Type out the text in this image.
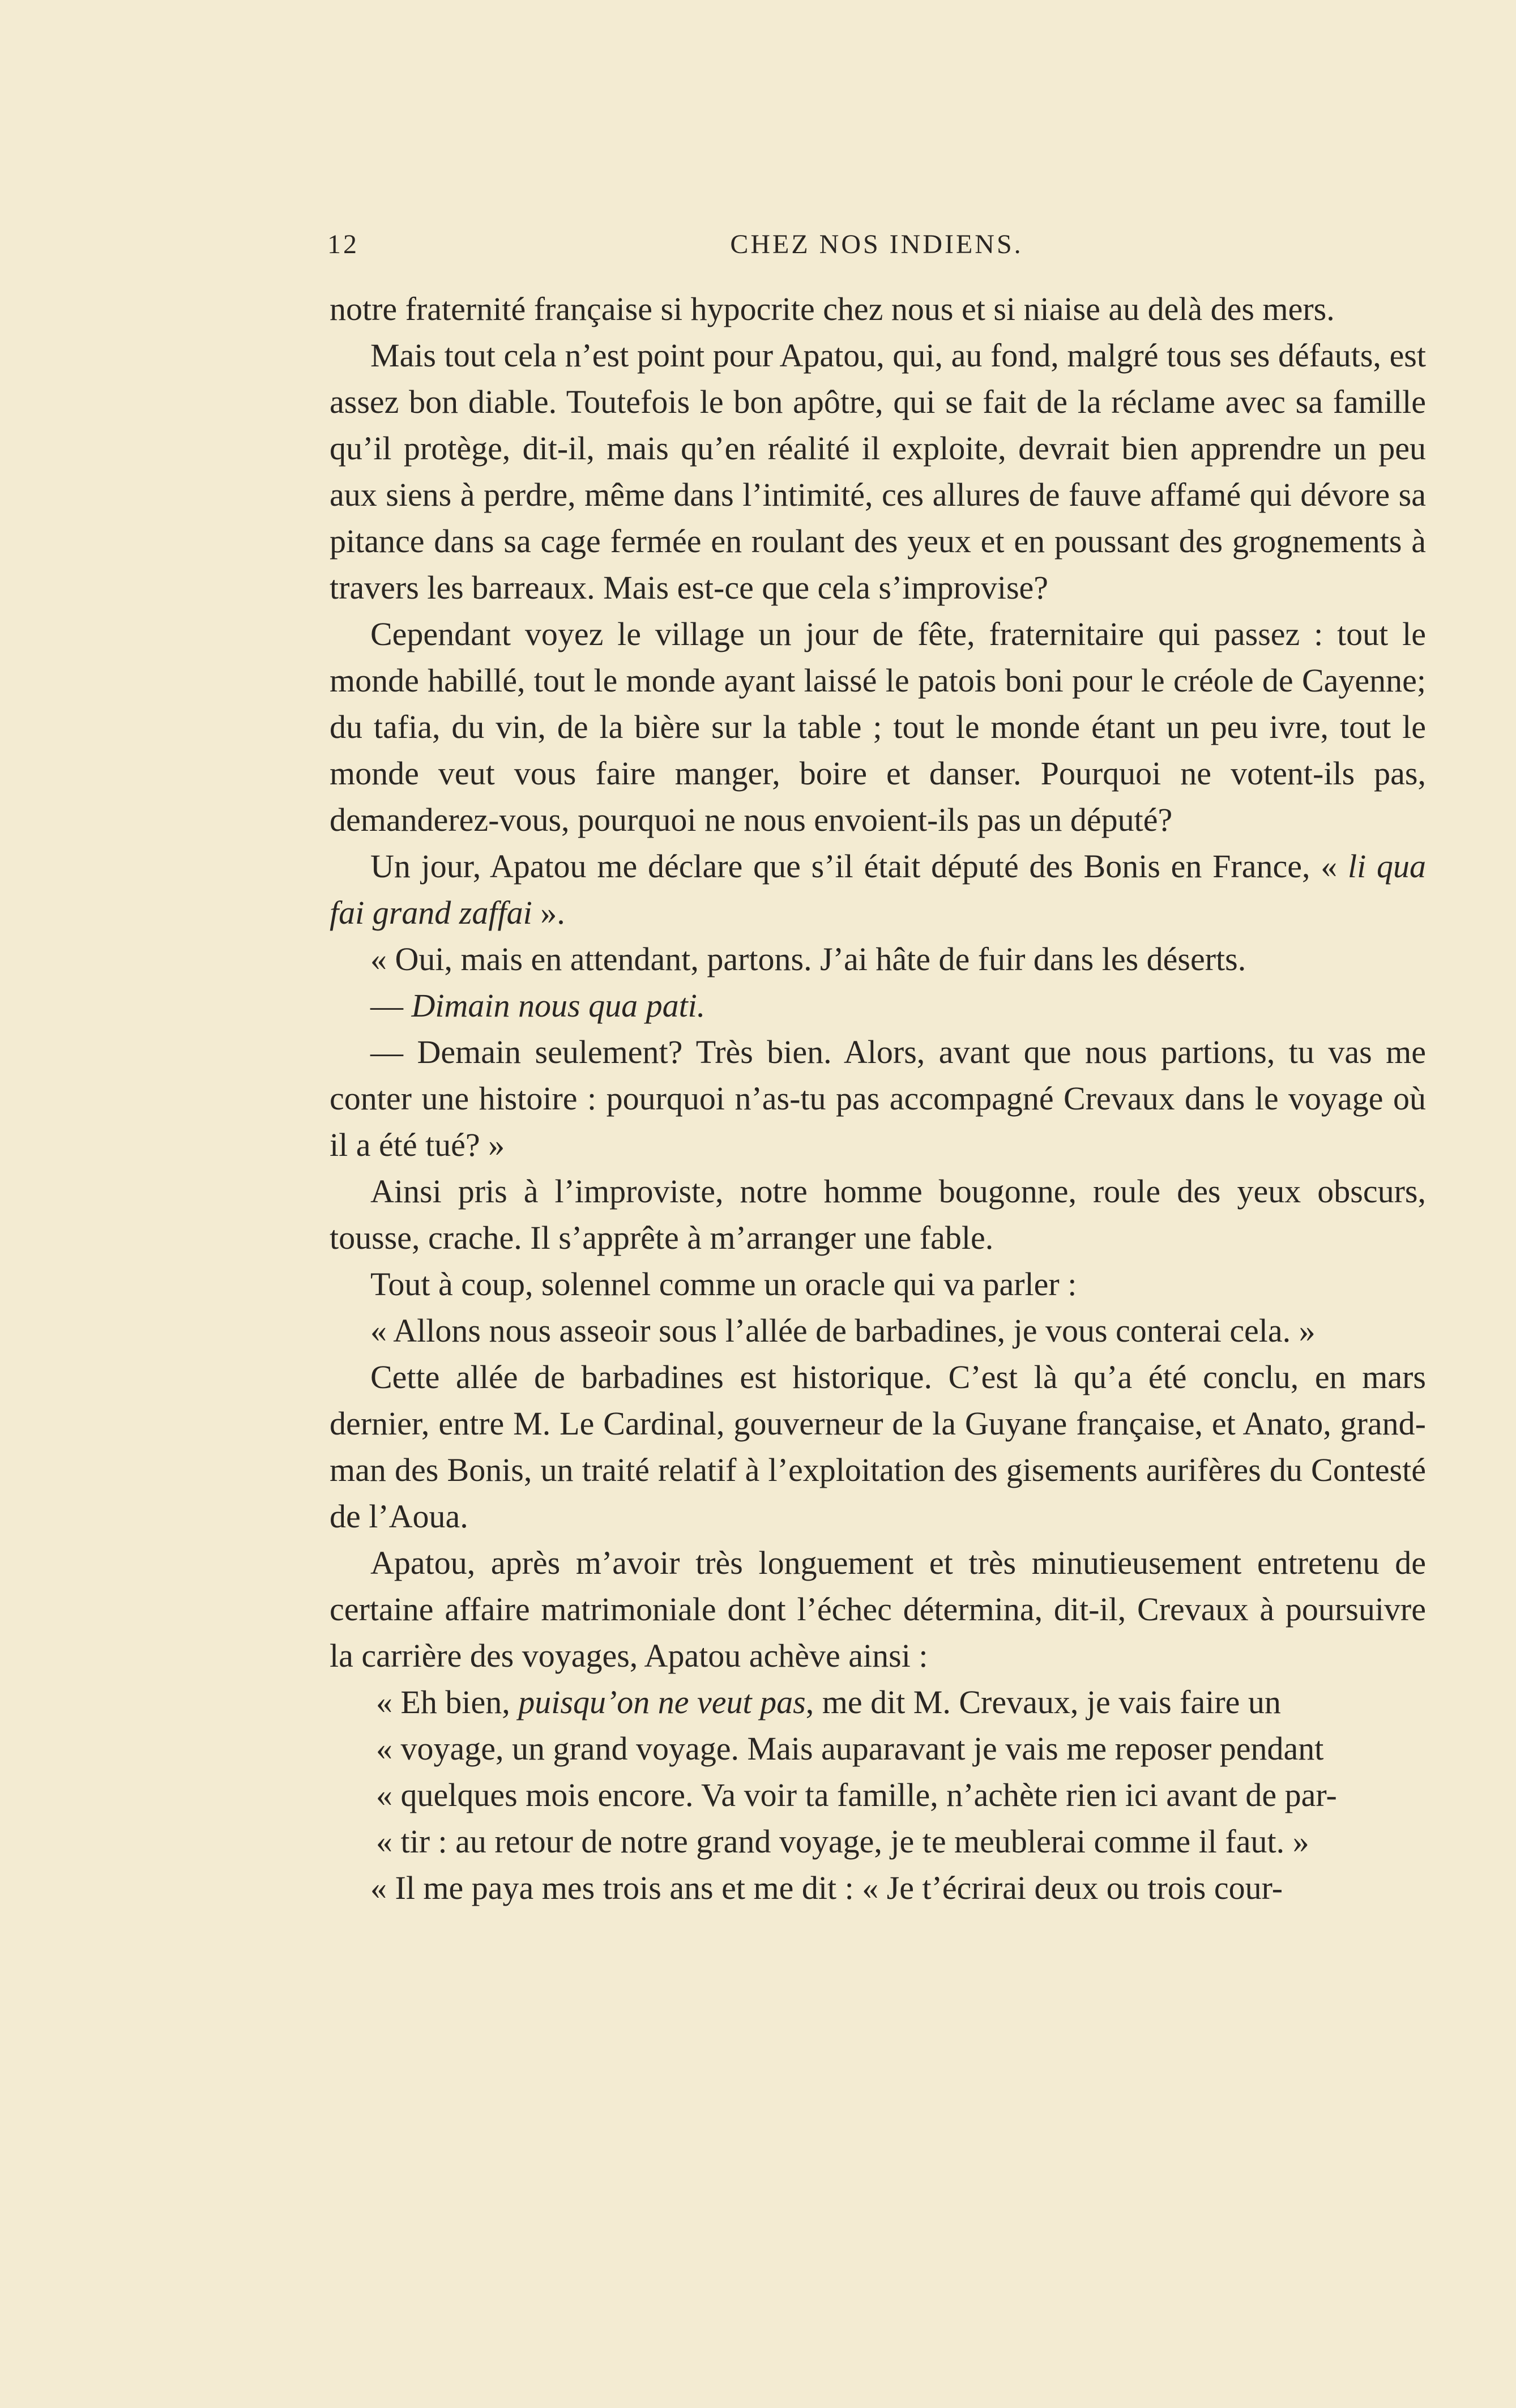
12	CHEZ NOS INDIENS.

notre fraternité française si hypocrite chez nous et si niaise au delà des mers.

Mais tout cela n’est point pour Apatou, qui, au fond, malgré tous ses défauts, est assez bon diable. Toutefois le bon apôtre, qui se fait de la réclame avec sa famille qu’il protège, dit-il, mais qu’en réalité il exploite, devrait bien apprendre un peu aux siens à perdre, même dans l’intimité, ces allures de fauve affamé qui dévore sa pitance dans sa cage fermée en roulant des yeux et en poussant des grognements à travers les barreaux. Mais est-ce que cela s’improvise?

Cependant voyez le village un jour de fête, fraternitaire qui passez : tout le monde habillé, tout le monde ayant laissé le patois boni pour le créole de Cayenne; du tafia, du vin, de la bière sur la table ; tout le monde étant un peu ivre, tout le monde veut vous faire manger, boire et danser. Pourquoi ne votent-ils pas, demanderez-vous, pourquoi ne nous envoient-ils pas un député?

Un jour, Apatou me déclare que s’il était député des Bonis en France, « li qua fai grand zaffai ».

« Oui, mais en attendant, partons. J’ai hâte de fuir dans les déserts.

— Dimain nous qua pati.

— Demain seulement? Très bien. Alors, avant que nous partions, tu vas me conter une histoire : pourquoi n’as-tu pas accompagné Crevaux dans le voyage où il a été tué? »

Ainsi pris à l’improviste, notre homme bougonne, roule des yeux obscurs, tousse, crache. Il s’apprête à m’arranger une fable.

Tout à coup, solennel comme un oracle qui va parler :

« Allons nous asseoir sous l’allée de barbadines, je vous conterai cela. »

Cette allée de barbadines est historique. C’est là qu’a été conclu, en mars dernier, entre M. Le Cardinal, gouverneur de la Guyane française, et Anato, grand-man des Bonis, un traité relatif à l’exploitation des gisements aurifères du Contesté de l’Aoua.

Apatou, après m’avoir très longuement et très minutieusement entretenu de certaine affaire matrimoniale dont l’échec détermina, dit-il, Crevaux à poursuivre la carrière des voyages, Apatou achève ainsi :

« Eh bien, puisqu’on ne veut pas, me dit M. Crevaux, je vais faire un
« voyage, un grand voyage. Mais auparavant je vais me reposer pendant
« quelques mois encore. Va voir ta famille, n’achète rien ici avant de par-
« tir : au retour de notre grand voyage, je te meublerai comme il faut. »

« Il me paya mes trois ans et me dit : « Je t’écrirai deux ou trois cour-
